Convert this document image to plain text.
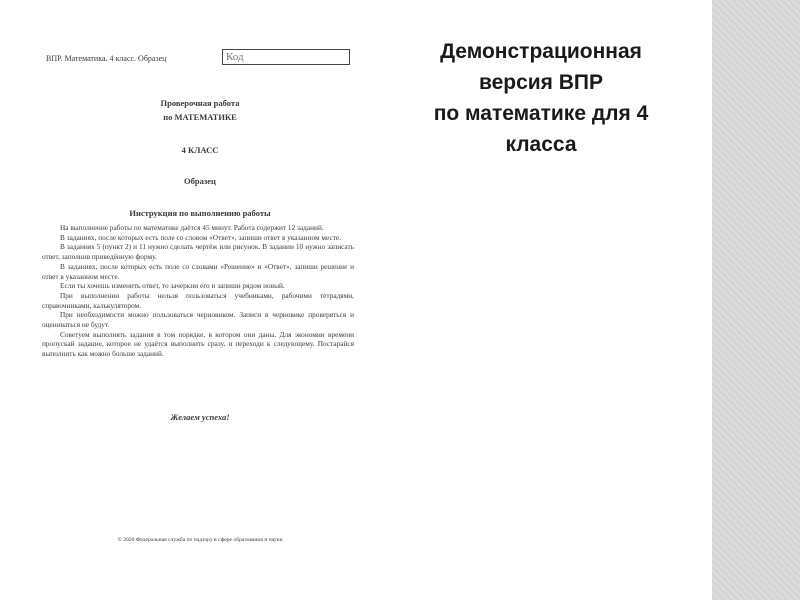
ВПР. Математика. 4 класс. Образец	Код
Проверочная работа
по МАТЕМАТИКЕ
4 КЛАСС
Образец
Инструкция по выполнению работы

На выполнение работы по математике даётся 45 минут. Работа содержит 12 заданий.

В заданиях, после которых есть поле со словом «Ответ», запиши ответ в указанном месте.

В заданиях 5 (пункт 2) и 11 нужно сделать чертёж или рисунок. В задании 10 нужно записать ответ, заполнив приведённую форму.

В заданиях, после которых есть поле со словами «Решение» и «Ответ», запиши решение и ответ в указанном месте.

Если ты хочешь изменить ответ, то зачеркни его и запиши рядом новый.

При выполнении работы нельзя пользоваться учебниками, рабочими тетрадями, справочниками, калькулятором.

При необходимости можно пользоваться черновиком. Записи в черновике проверяться и оцениваться не будут.

Советуем выполнять задания в том порядке, в котором они даны. Для экономии времени пропускай задание, которое не удаётся выполнить сразу, и переходи к следующему. Постарайся выполнить как можно больше заданий.

Желаем успеха!
© 2020 Федеральная служба по надзору в сфере образования и науки
Демонстрационная
версия ВПР
по математике для 4
класса
